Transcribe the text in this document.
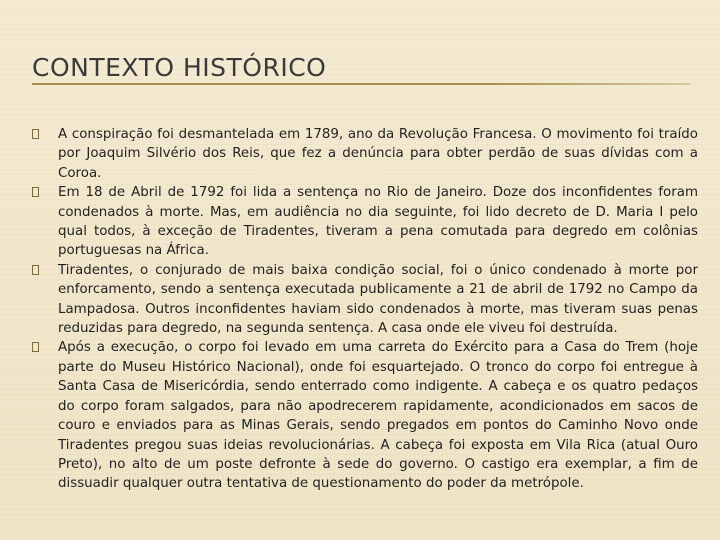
CONTEXTO HISTÓRICO
A conspiração foi desmantelada em 1789, ano da Revolução Francesa. O movimento foi traído por Joaquim Silvério dos Reis, que fez a denúncia para obter perdão de suas dívidas com a Coroa.
Em 18 de Abril de 1792 foi lida a sentença no Rio de Janeiro. Doze dos inconfidentes foram condenados à morte. Mas, em audiência no dia seguinte, foi lido decreto de D. Maria I pelo qual todos, à exceção de Tiradentes, tiveram a pena comutada para degredo em colônias portuguesas na África.
Tiradentes, o conjurado de mais baixa condição social, foi o único condenado à morte por enforcamento, sendo a sentença executada publicamente a 21 de abril de 1792 no Campo da Lampadosa. Outros inconfidentes haviam sido condenados à morte, mas tiveram suas penas reduzidas para degredo, na segunda sentença. A casa onde ele viveu foi destruída.
Após a execução, o corpo foi levado em uma carreta do Exército para a Casa do Trem (hoje parte do Museu Histórico Nacional), onde foi esquartejado. O tronco do corpo foi entregue à Santa Casa de Misericórdia, sendo enterrado como indigente. A cabeça e os quatro pedaços do corpo foram salgados, para não apodrecerem rapidamente, acondicionados em sacos de couro e enviados para as Minas Gerais, sendo pregados em pontos do Caminho Novo onde Tiradentes pregou suas ideias revolucionárias. A cabeça foi exposta em Vila Rica (atual Ouro Preto), no alto de um poste defronte à sede do governo. O castigo era exemplar, a fim de dissuadir qualquer outra tentativa de questionamento do poder da metrópole.
